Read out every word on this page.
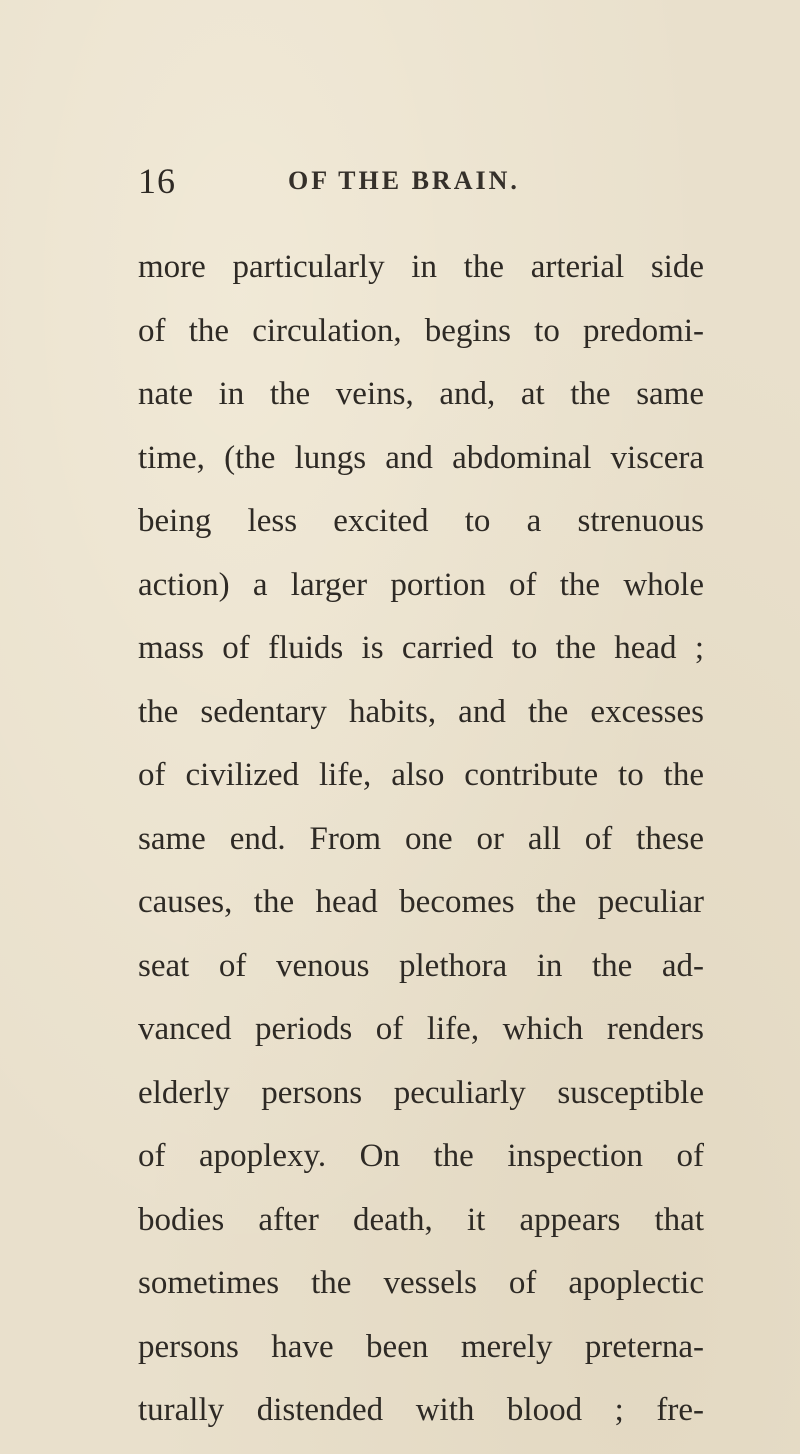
16	OF THE BRAIN.
more particularly in the arterial side
of the circulation, begins to predomi-
nate in the veins, and, at the same
time, (the lungs and abdominal viscera
being less excited to a strenuous
action) a larger portion of the whole
mass of fluids is carried to the head ;
the sedentary habits, and the excesses
of civilized life, also contribute to the
same end. From one or all of these
causes, the head becomes the peculiar
seat of venous plethora in the ad-
vanced periods of life, which renders
elderly persons peculiarly susceptible
of apoplexy. On the inspection of
bodies after death, it appears that
sometimes the vessels of apoplectic
persons have been merely preterna-
turally distended with blood ; fre-
